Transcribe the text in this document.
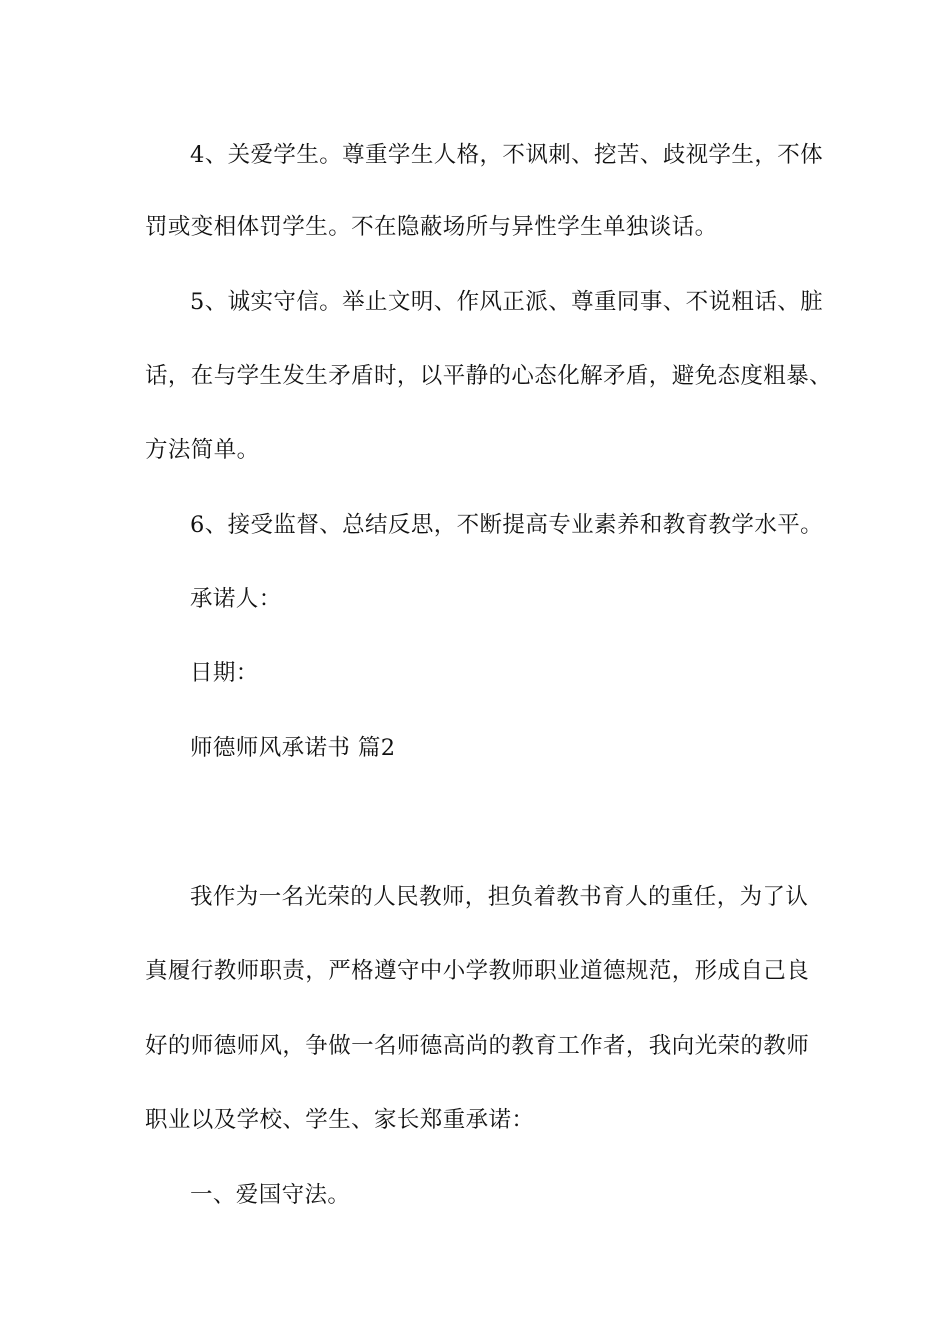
4、关爱学生。尊重学生人格，不讽刺、挖苦、歧视学生，不体
罚或变相体罚学生。不在隐蔽场所与异性学生单独谈话。
5、诚实守信。举止文明、作风正派、尊重同事、不说粗话、脏
话，在与学生发生矛盾时，以平静的心态化解矛盾，避免态度粗暴、
方法简单。
6、接受监督、总结反思，不断提高专业素养和教育教学水平。
承诺人：
日期：
师德师风承诺书 篇2
我作为一名光荣的人民教师，担负着教书育人的重任，为了认
真履行教师职责，严格遵守中小学教师职业道德规范，形成自己良
好的师德师风，争做一名师德高尚的教育工作者，我向光荣的教师
职业以及学校、学生、家长郑重承诺：
一、爱国守法。
